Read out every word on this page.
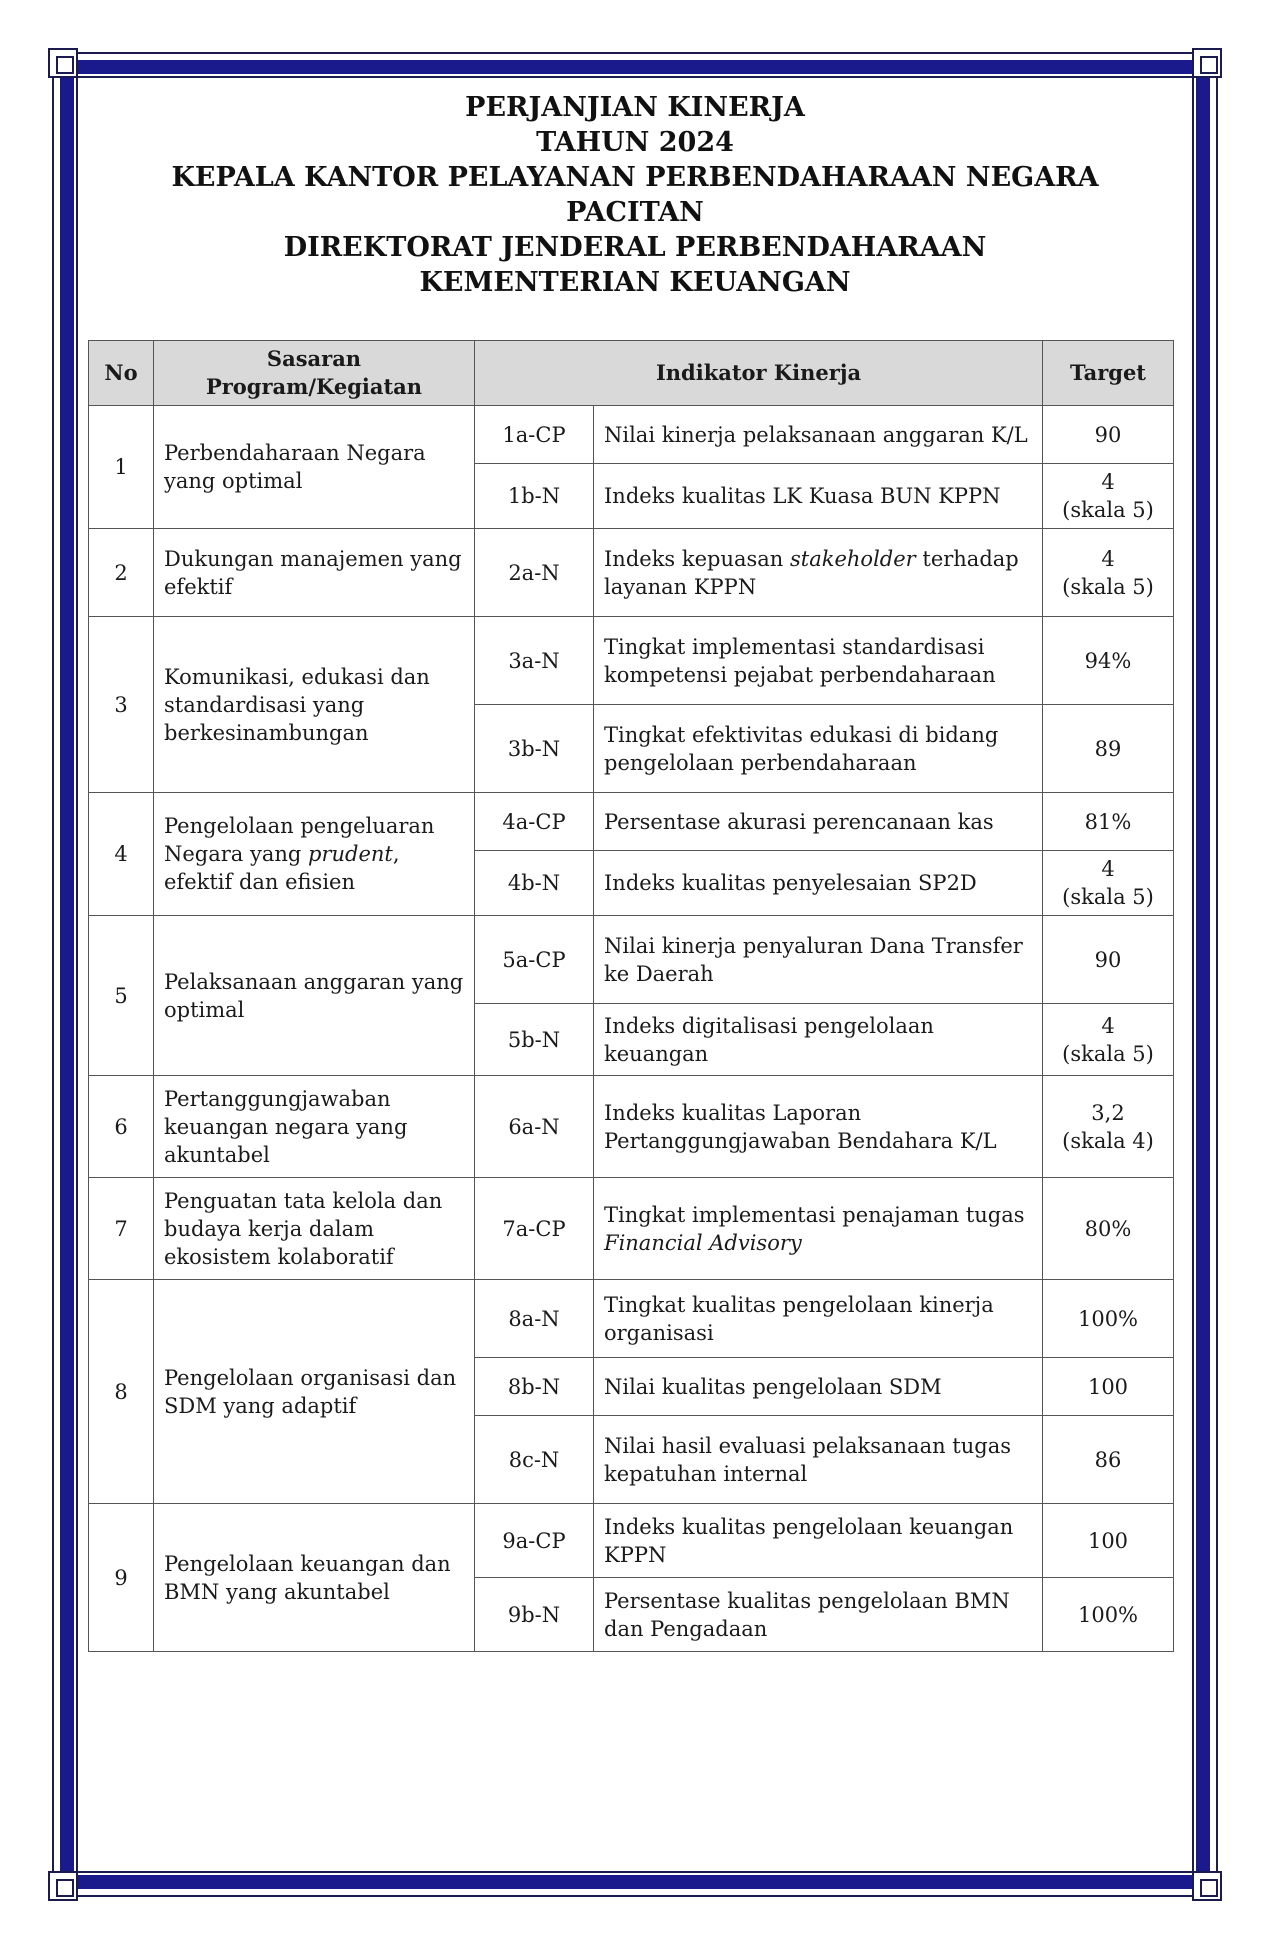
PERJANJIAN KINERJA
TAHUN 2024
KEPALA KANTOR PELAYANAN PERBENDAHARAAN NEGARA
PACITAN
DIREKTORAT JENDERAL PERBENDAHARAAN
KEMENTERIAN KEUANGAN
No	Sasaran Program/Kegiatan	Indikator Kinerja		Target
1	Perbendaharaan Negara yang optimal	1a-CP	Nilai kinerja pelaksanaan anggaran K/L	90

		1b-N	Indeks kualitas LK Kuasa BUN KPPN	4
(skala 5)

2	Dukungan manajemen yang efektif	2a-N	Indeks kepuasan stakeholder terhadap layanan KPPN	4
(skala 5)

3	Komunikasi, edukasi dan standardisasi yang berkesinambungan	3a-N	Tingkat implementasi standardisasi kompetensi pejabat perbendaharaan	94%

		3b-N	Tingkat efektivitas edukasi di bidang pengelolaan perbendaharaan	89

4	Pengelolaan pengeluaran Negara yang prudent, efektif dan efisien	4a-CP	Persentase akurasi perencanaan kas	81%

		4b-N	Indeks kualitas penyelesaian SP2D	4
(skala 5)

5	Pelaksanaan anggaran yang optimal	5a-CP	Nilai kinerja penyaluran Dana Transfer ke Daerah	90

		5b-N	Indeks digitalisasi pengelolaan keuangan	4
(skala 5)

6	Pertanggungjawaban keuangan negara yang akuntabel	6a-N	Indeks kualitas Laporan Pertanggungjawaban Bendahara K/L	3,2
(skala 4)

7	Penguatan tata kelola dan budaya kerja dalam ekosistem kolaboratif	7a-CP	Tingkat implementasi penajaman tugas Financial Advisory	80%

8	Pengelolaan organisasi dan SDM yang adaptif	8a-N	Tingkat kualitas pengelolaan kinerja organisasi	100%

		8b-N	Nilai kualitas pengelolaan SDM	100

		8c-N	Nilai hasil evaluasi pelaksanaan tugas kepatuhan internal	86

9	Pengelolaan keuangan dan BMN yang akuntabel	9a-CP	Indeks kualitas pengelolaan keuangan KPPN	100

		9b-N	Persentase kualitas pengelolaan BMN dan Pengadaan	100%
